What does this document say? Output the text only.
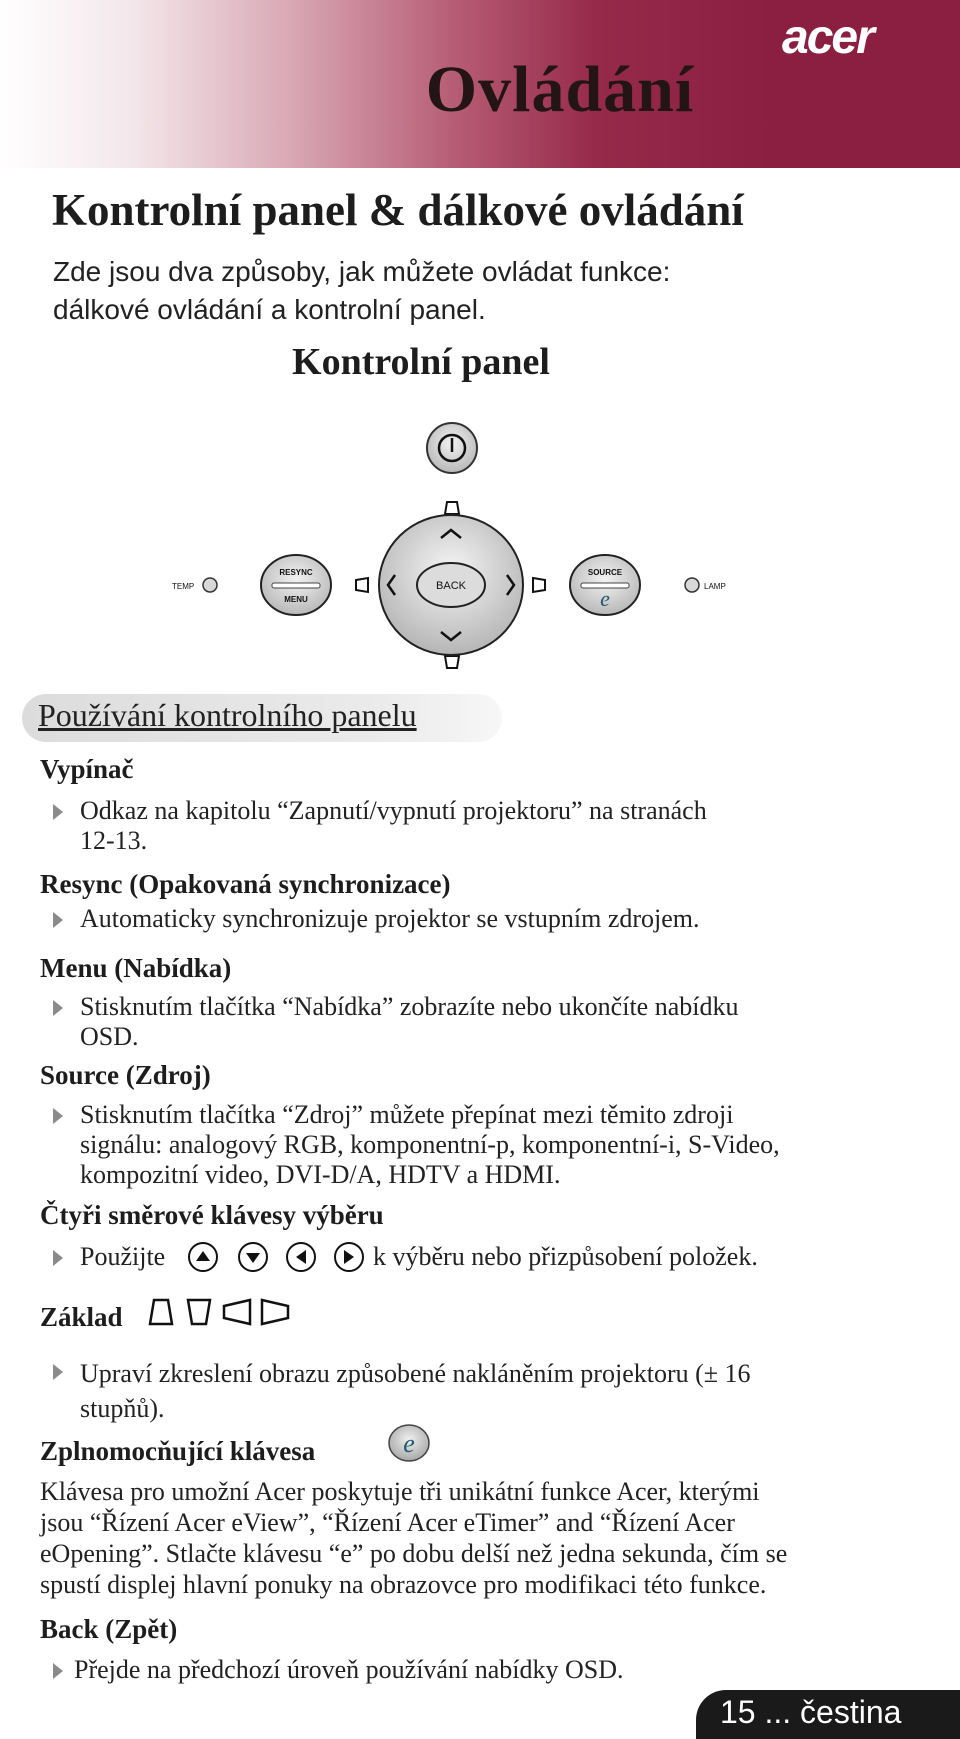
Ovládání
acer
Kontrolní panel & dálkové ovládání
Zde jsou dva způsoby, jak můžete ovládat funkce:
dálkové ovládání a kontrolní panel.
Kontrolní panel
BACK
RESYNC
MENU
SOURCE
e
TEMP	LAMP
Používání kontrolního panelu
Vypínač
Odkaz na kapitolu “Zapnutí/vypnutí projektoru” na stranách
12-13.
Resync (Opakovaná synchronizace)
Automaticky synchronizuje projektor se vstupním zdrojem.
Menu (Nabídka)
Stisknutím tlačítka “Nabídka” zobrazíte nebo ukončíte nabídku
OSD.
Source (Zdroj)
Stisknutím tlačítka “Zdroj” můžete přepínat mezi těmito zdroji
signálu: analogový RGB, komponentní-p, komponentní-i, S-Video,
kompozitní video, DVI-D/A, HDTV a HDMI.
Čtyři směrové klávesy výběru
Použijte	k výběru nebo přizpůsobení položek.
Základ
Upraví zkreslení obrazu způsobené nakláněním projektoru (± 16
stupňů).
Zplnomocňující klávesa	e
Klávesa pro umožní Acer poskytuje tři unikátní funkce Acer, kterými
jsou “Řízení Acer eView”, “Řízení Acer eTimer” and “Řízení Acer
eOpening”. Stlačte klávesu “e” po dobu delší než jedna sekunda, čím se
spustí displej hlavní ponuky na obrazovce pro modifikaci této funkce.
Back (Zpět)
Přejde na předchozí úroveň používání nabídky OSD.
15 ... čestina
